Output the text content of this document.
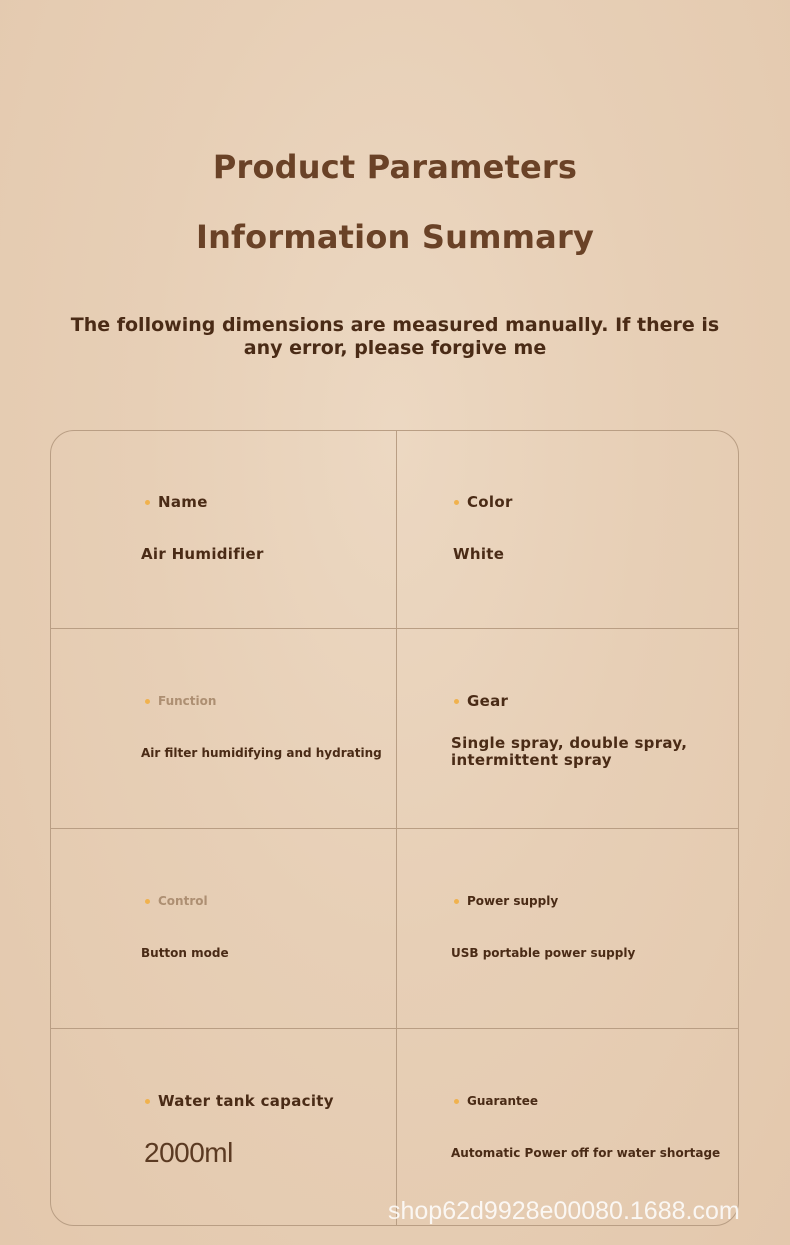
Product Parameters
Information Summary
The following dimensions are measured manually. If there is any error, please forgive me
Name
Air Humidifier
Color
White
Function
Air filter humidifying and hydrating
Gear
Single spray, double spray, intermittent spray
Control
Button mode
Power supply
USB portable power supply
Water tank capacity
2000ml
Guarantee
Automatic Power off for water shortage
shop62d9928e00080.1688.com
